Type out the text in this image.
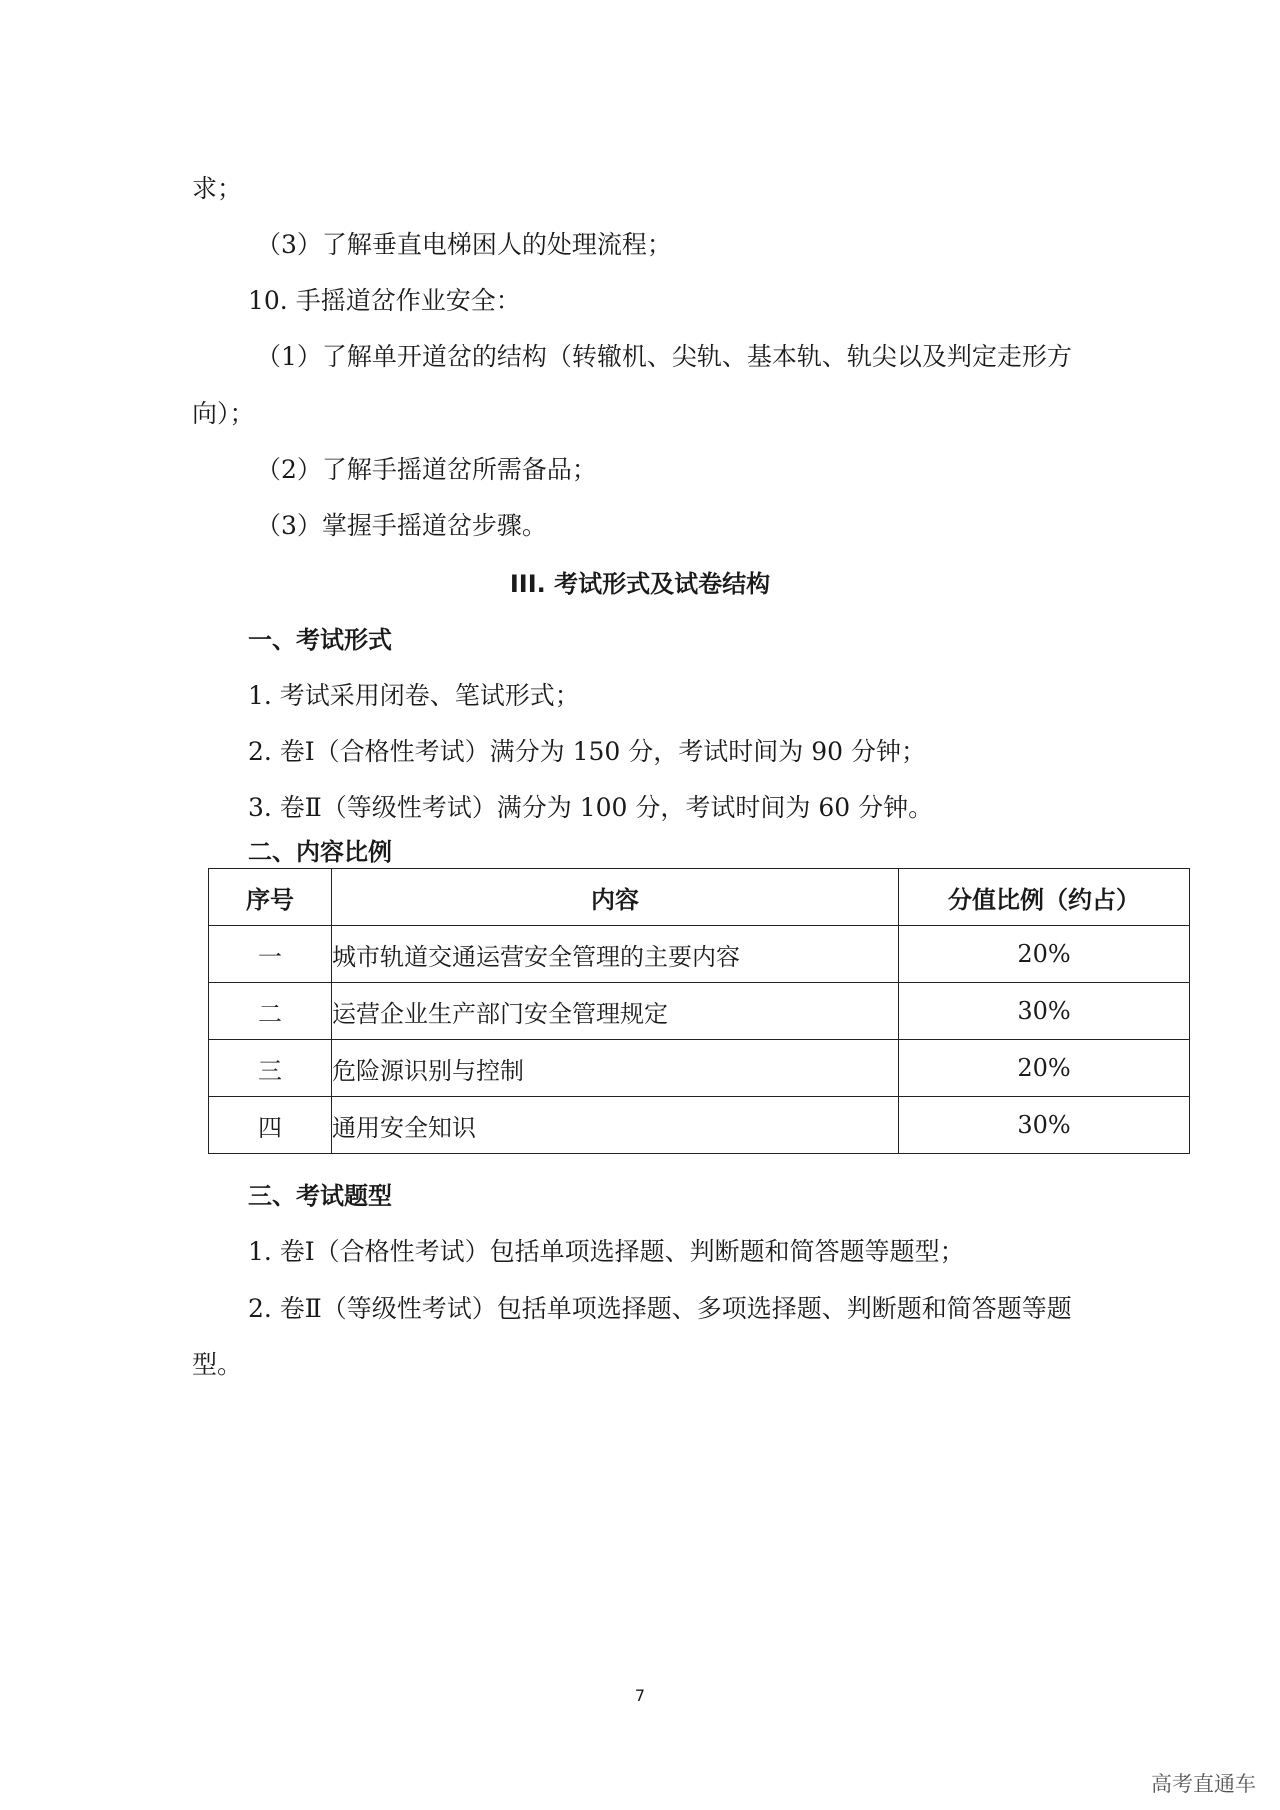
求；
（3）了解垂直电梯困人的处理流程；
10. 手摇道岔作业安全：
（1）了解单开道岔的结构（转辙机、尖轨、基本轨、轨尖以及判定走形方
向）；
（2）了解手摇道岔所需备品；
（3）掌握手摇道岔步骤。
III. 考试形式及试卷结构
一、考试形式
1. 考试采用闭卷、笔试形式；
2. 卷Ⅰ（合格性考试）满分为 150 分，考试时间为 90 分钟；
3. 卷Ⅱ（等级性考试）满分为 100 分，考试时间为 60 分钟。
二、内容比例
序号	内容	分值比例（约占）
一	城市轨道交通运营安全管理的主要内容	20%
二	运营企业生产部门安全管理规定	30%
三	危险源识别与控制	20%
四	通用安全知识	30%
三、考试题型
1. 卷Ⅰ（合格性考试）包括单项选择题、判断题和简答题等题型；
2. 卷Ⅱ（等级性考试）包括单项选择题、多项选择题、判断题和简答题等题
型。
7
高考直通车
